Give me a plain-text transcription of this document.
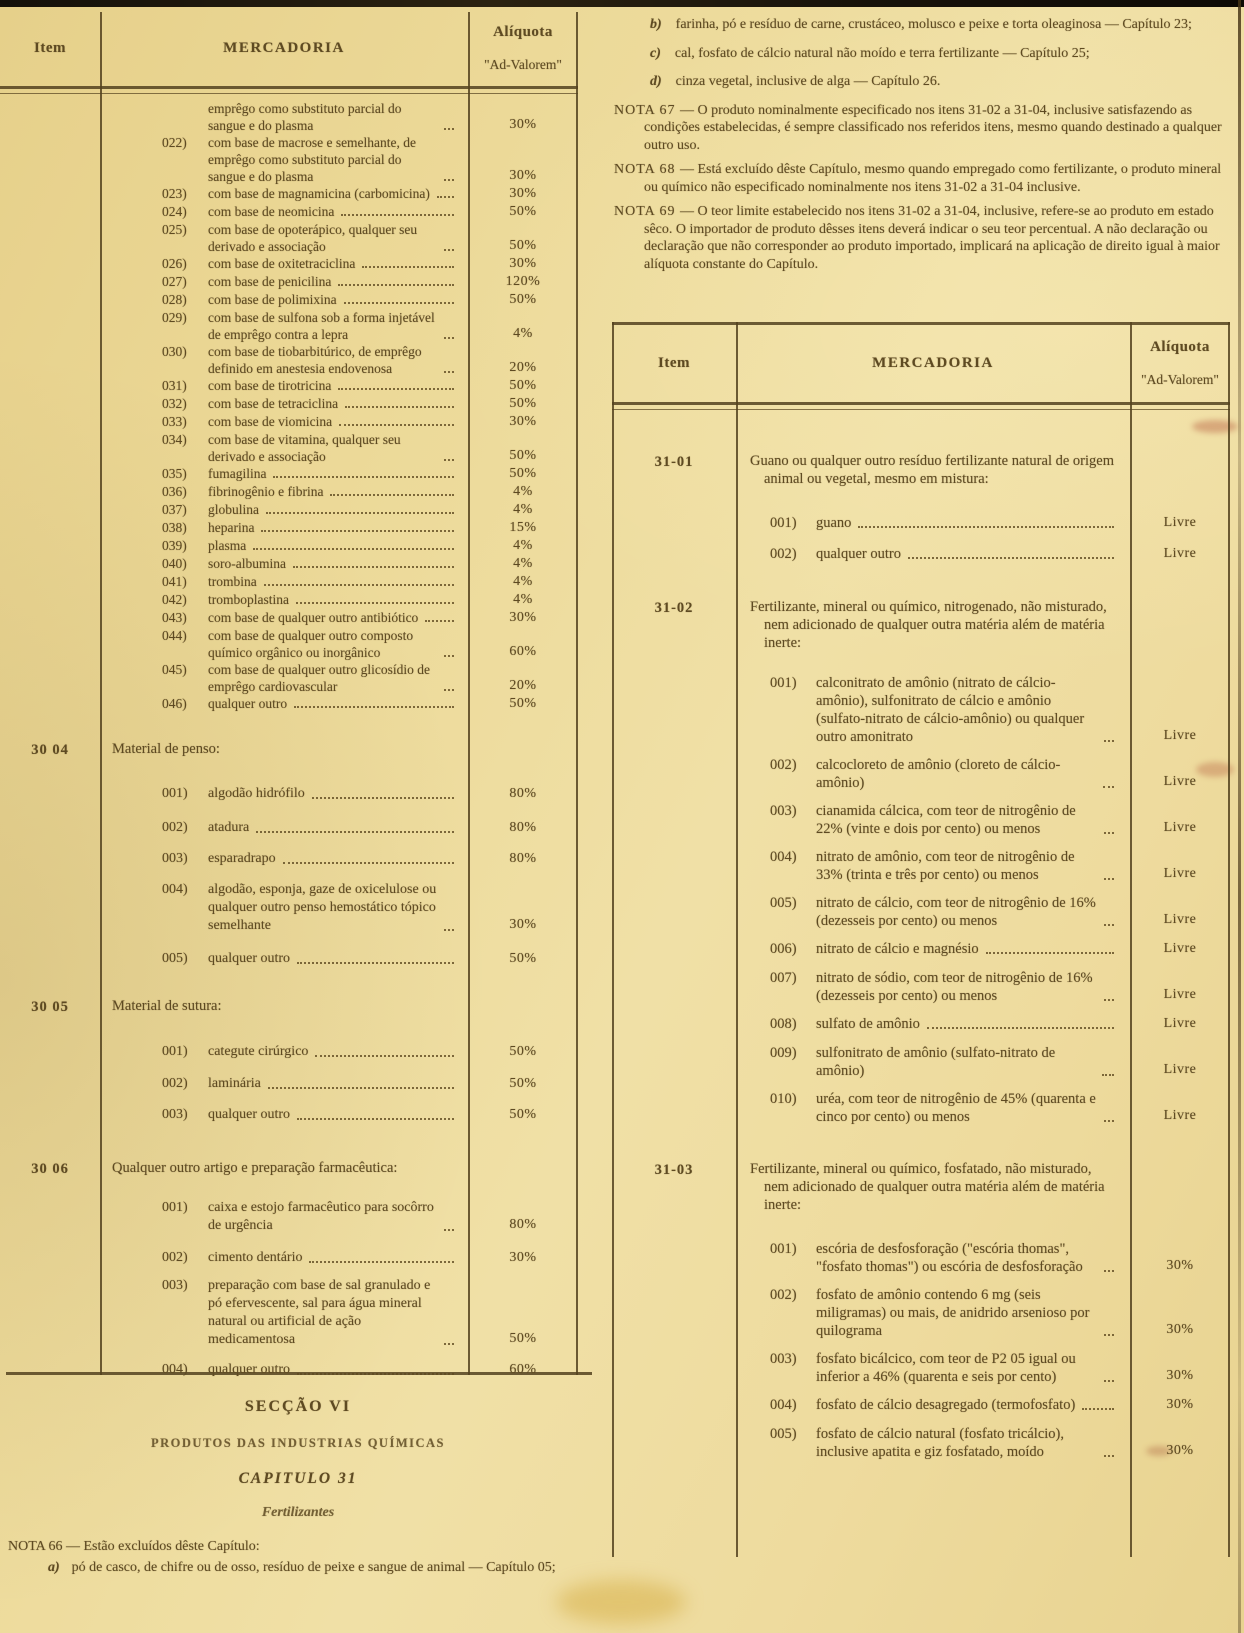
Item	MERCADORIA
Alíquota
"Ad-Valorem"
emprêgo como substituto parcial do sangue e do plasma	30%
022)	com base de macrose e semelhante, de emprêgo como substituto parcial do sangue e do plasma	30%
023)	com base de magnamicina (carbomicina)	30%
024)	com base de neomicina	50%
025)	com base de opoterápico, qualquer seu derivado e associação	50%
026)	com base de oxitetraciclina	30%
027)	com base de penicilina	120%
028)	com base de polimixina	50%
029)	com base de sulfona sob a forma injetável de emprêgo contra a lepra	4%
030)	com base de tiobarbitúrico, de emprêgo definido em anestesia endovenosa	20%
031)	com base de tirotricina	50%
032)	com base de tetraciclina	50%
033)	com base de viomicina	30%
034)	com base de vitamina, qualquer seu derivado e associação	50%
035)	fumagilina	50%
036)	fibrinogênio e fibrina	4%
037)	globulina	4%
038)	heparina	15%
039)	plasma	4%
040)	soro-albumina	4%
041)	trombina	4%
042)	tromboplastina	4%
043)	com base de qualquer outro antibiótico	30%
044)	com base de qualquer outro composto químico orgânico ou inorgânico	60%
045)	com base de qualquer outro glicosídio de emprêgo cardiovascular	20%
046)	qualquer outro	50%
30 04	Material de penso:
001)	algodão hidrófilo	80%
002)	atadura	80%
003)	esparadrapo	80%
004)	algodão, esponja, gaze de oxicelulose ou qualquer outro penso hemostático tópico semelhante	30%
005)	qualquer outro	50%
30 05	Material de sutura:
001)	categute cirúrgico	50%
002)	laminária	50%
003)	qualquer outro	50%
30 06	Qualquer outro artigo e preparação farmacêutica:
001)	caixa e estojo farmacêutico para socôrro de urgência	80%
002)	cimento dentário	30%
003)	preparação com base de sal granulado e pó efervescente, sal para água mineral natural ou artificial de ação medicamentosa	50%
004)	qualquer outro	60%
SECÇÃO VI
PRODUTOS DAS INDUSTRIAS QUÍMICAS
CAPITULO 31
Fertilizantes
NOTA 66 — Estão excluídos dêste Capítulo:
a) pó de casco, de chifre ou de osso, resíduo de peixe e sangue de animal — Capítulo 05;
b) farinha, pó e resíduo de carne, crustáceo, molusco e peixe e torta oleaginosa — Capítulo 23;
c) cal, fosfato de cálcio natural não moído e terra fertilizante — Capítulo 25;
d) cinza vegetal, inclusive de alga — Capítulo 26.
NOTA 67 — O produto nominalmente especificado nos itens 31-02 a 31-04, inclusive satisfazendo as condições estabelecidas, é sempre classificado nos referidos itens, mesmo quando destinado a qualquer outro uso.
NOTA 68 — Está excluído dêste Capítulo, mesmo quando empregado como fertilizante, o produto mineral ou químico não especificado nominalmente nos itens 31-02 a 31-04 inclusive.
NOTA 69 — O teor limite estabelecido nos itens 31-02 a 31-04, inclusive, refere-se ao produto em estado sêco. O importador de produto dêsses itens deverá indicar o seu teor percentual. A não declaração ou declaração que não corresponder ao produto importado, implicará na aplicação de direito igual à maior alíquota constante do Capítulo.
Item	MERCADORIA
Alíquota
"Ad-Valorem"
31-01	Guano ou qualquer outro resíduo fertilizante natural de origem animal ou vegetal, mesmo em mistura:
001)	guano	Livre
002)	qualquer outro	Livre
31-02	Fertilizante, mineral ou químico, nitrogenado, não misturado, nem adicionado de qualquer outra matéria além de matéria inerte:
001)	calconitrato de amônio (nitrato de cálcio-amônio), sulfonitrato de cálcio e amônio (sulfato-nitrato de cálcio-amônio) ou qualquer outro amonitrato	Livre
002)	calcocloreto de amônio (cloreto de cálcio-amônio)	Livre
003)	cianamida cálcica, com teor de nitrogênio de 22% (vinte e dois por cento) ou menos	Livre
004)	nitrato de amônio, com teor de nitrogênio de 33% (trinta e três por cento) ou menos	Livre
005)	nitrato de cálcio, com teor de nitrogênio de 16% (dezesseis por cento) ou menos	Livre
006)	nitrato de cálcio e magnésio	Livre
007)	nitrato de sódio, com teor de nitrogênio de 16% (dezesseis por cento) ou menos	Livre
008)	sulfato de amônio	Livre
009)	sulfonitrato de amônio (sulfato-nitrato de amônio)	Livre
010)	uréa, com teor de nitrogênio de 45% (quarenta e cinco por cento) ou menos	Livre
31-03	Fertilizante, mineral ou químico, fosfatado, não misturado, nem adicionado de qualquer outra matéria além de matéria inerte:
001)	escória de desfosforação ("escória thomas", "fosfato thomas") ou escória de desfosforação	30%
002)	fosfato de amônio contendo 6 mg (seis miligramas) ou mais, de anidrido arsenioso por quilograma	30%
003)	fosfato bicálcico, com teor de P2 05 igual ou inferior a 46% (quarenta e seis por cento)	30%
004)	fosfato de cálcio desagregado (termofosfato)	30%
005)	fosfato de cálcio natural (fosfato tricálcio), inclusive apatita e giz fosfatado, moído	30%
